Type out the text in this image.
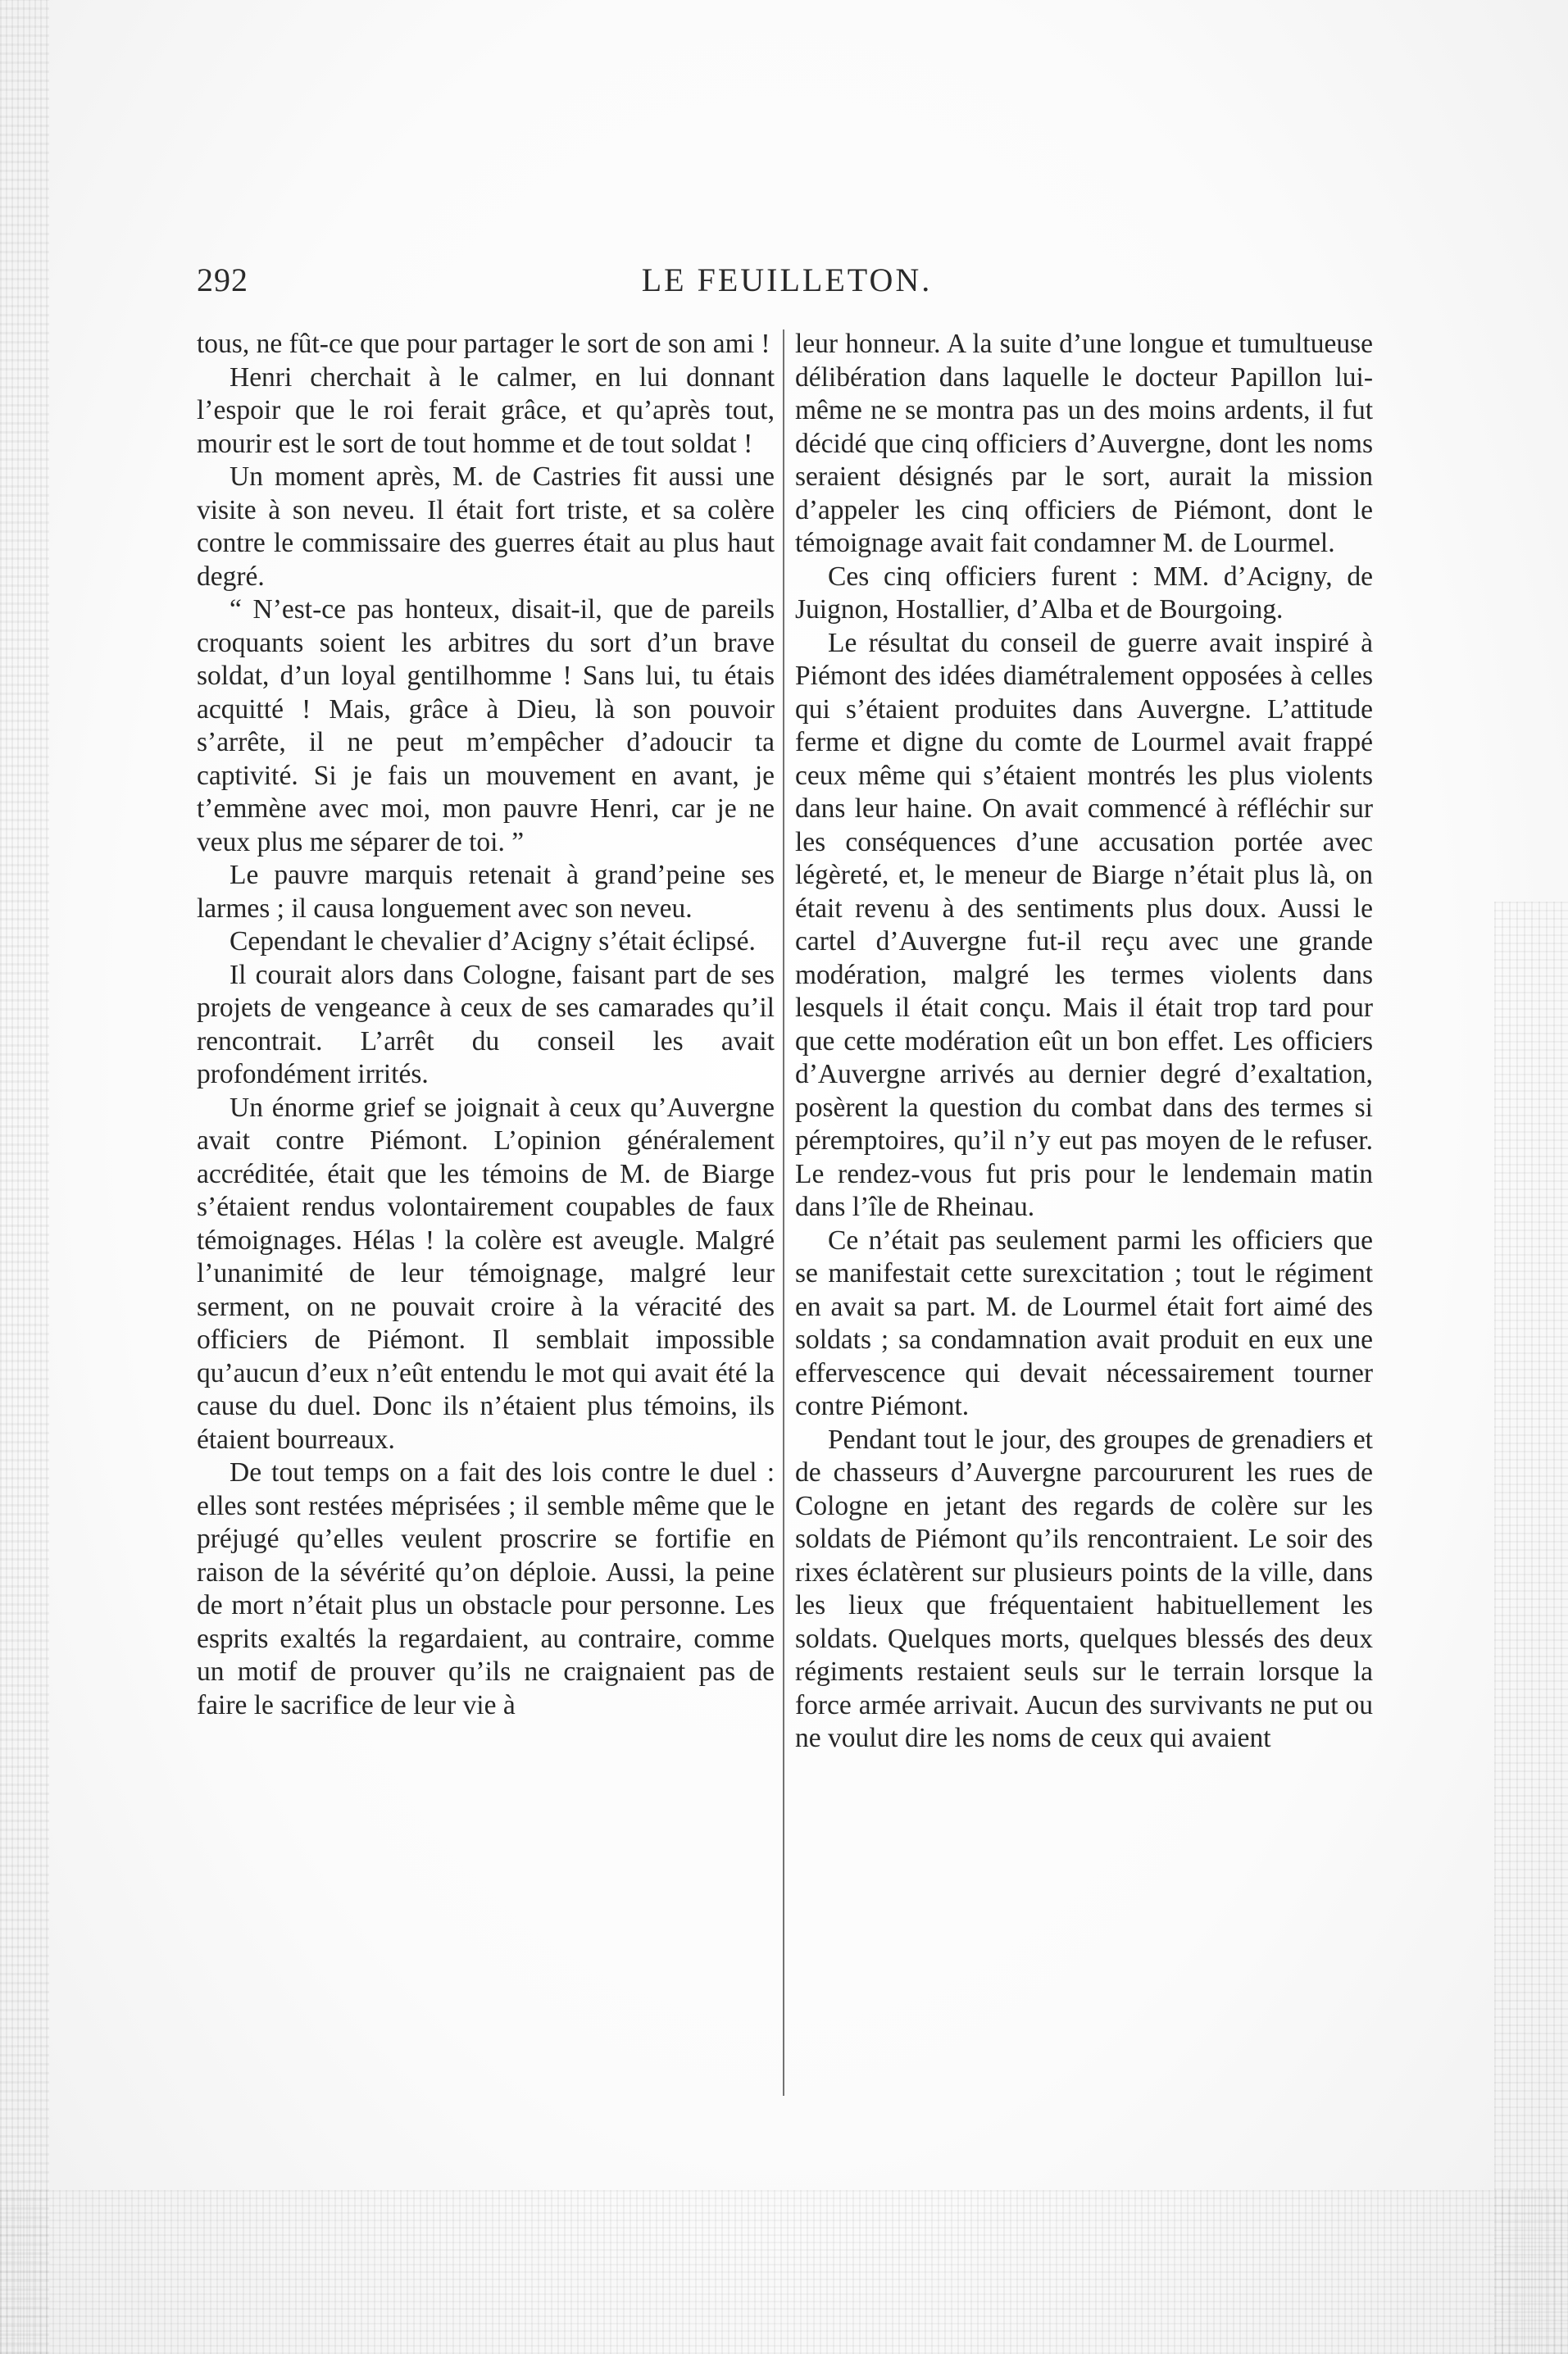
292	LE FEUILLETON.

tous, ne fût-ce que pour partager le sort de son ami !

Henri cherchait à le calmer, en lui donnant l’espoir que le roi ferait grâce, et qu’après tout, mourir est le sort de tout homme et de tout soldat !

Un moment après, M. de Castries fit aussi une visite à son neveu. Il était fort triste, et sa colère contre le commissaire des guerres était au plus haut degré.

“ N’est-ce pas honteux, disait-il, que de pareils croquants soient les arbitres du sort d’un brave soldat, d’un loyal gentilhomme ! Sans lui, tu étais acquitté ! Mais, grâce à Dieu, là son pouvoir s’arrête, il ne peut m’empêcher d’adoucir ta captivité. Si je fais un mouvement en avant, je t’emmène avec moi, mon pauvre Henri, car je ne veux plus me séparer de toi. ”

Le pauvre marquis retenait à grand’peine ses larmes ; il causa longuement avec son neveu.

Cependant le chevalier d’Acigny s’était éclipsé.

Il courait alors dans Cologne, faisant part de ses projets de vengeance à ceux de ses camarades qu’il rencontrait. L’arrêt du conseil les avait profondément irrités.

Un énorme grief se joignait à ceux qu’Auvergne avait contre Piémont. L’opinion généralement accréditée, était que les témoins de M. de Biarge s’étaient rendus volontairement coupables de faux témoignages. Hélas ! la colère est aveugle. Malgré l’unanimité de leur témoignage, malgré leur serment, on ne pouvait croire à la véracité des officiers de Piémont. Il semblait impossible qu’aucun d’eux n’eût entendu le mot qui avait été la cause du duel. Donc ils n’étaient plus témoins, ils étaient bourreaux.

De tout temps on a fait des lois contre le duel : elles sont restées méprisées ; il semble même que le préjugé qu’elles veulent proscrire se fortifie en raison de la sévérité qu’on déploie. Aussi, la peine de mort n’était plus un obstacle pour personne. Les esprits exaltés la regardaient, au contraire, comme un motif de prouver qu’ils ne craignaient pas de faire le sacrifice de leur vie à

leur honneur. A la suite d’une longue et tumultueuse délibération dans laquelle le docteur Papillon lui-même ne se montra pas un des moins ardents, il fut décidé que cinq officiers d’Auvergne, dont les noms seraient désignés par le sort, aurait la mission d’appeler les cinq officiers de Piémont, dont le témoignage avait fait condamner M. de Lourmel.

Ces cinq officiers furent : MM. d’Acigny, de Juignon, Hostallier, d’Alba et de Bourgoing.

Le résultat du conseil de guerre avait inspiré à Piémont des idées diamétralement opposées à celles qui s’étaient produites dans Auvergne. L’attitude ferme et digne du comte de Lourmel avait frappé ceux même qui s’étaient montrés les plus violents dans leur haine. On avait commencé à réfléchir sur les conséquences d’une accusation portée avec légèreté, et, le meneur de Biarge n’était plus là, on était revenu à des sentiments plus doux. Aussi le cartel d’Auvergne fut-il reçu avec une grande modération, malgré les termes violents dans lesquels il était conçu. Mais il était trop tard pour que cette modération eût un bon effet. Les officiers d’Auvergne arrivés au dernier degré d’exaltation, posèrent la question du combat dans des termes si péremptoires, qu’il n’y eut pas moyen de le refuser. Le rendez-vous fut pris pour le lendemain matin dans l’île de Rheinau.

Ce n’était pas seulement parmi les officiers que se manifestait cette surexcitation ; tout le régiment en avait sa part. M. de Lourmel était fort aimé des soldats ; sa condamnation avait produit en eux une effervescence qui devait nécessairement tourner contre Piémont.

Pendant tout le jour, des groupes de grenadiers et de chasseurs d’Auvergne parcoururent les rues de Cologne en jetant des regards de colère sur les soldats de Piémont qu’ils rencontraient. Le soir des rixes éclatèrent sur plusieurs points de la ville, dans les lieux que fréquentaient habituellement les soldats. Quelques morts, quelques blessés des deux régiments restaient seuls sur le terrain lorsque la force armée arrivait. Aucun des survivants ne put ou ne voulut dire les noms de ceux qui avaient
